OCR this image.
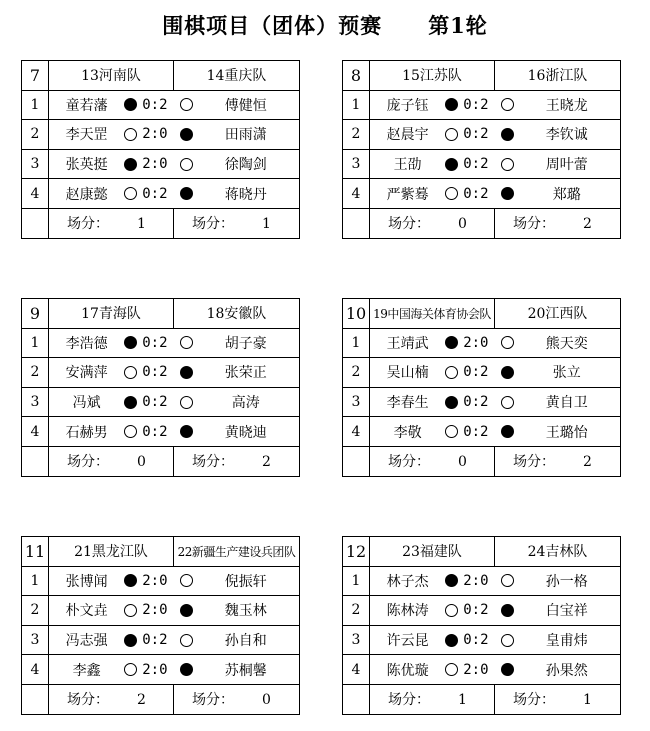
围棋项目（团体）预赛 第1轮
7	13河南队	14重庆队
1	童若藩 0:2	傅健恒

2	李天罡 2:0	田雨潇

3	张英挺 2:0	徐陶剑

4	赵康懿 0:2	蒋晓丹

	场分： 1	场分： 1
8	15江苏队	16浙江队
1	庞子钰 0:2	王晓龙

2	赵晨宇 0:2	李钦诚

3	王劭 0:2	周叶蕾

4	严紫蓦 0:2	郑璐

	场分： 0	场分： 2
9	17青海队	18安徽队
1	李浩德 0:2	胡子豪

2	安满萍 0:2	张荣正

3	冯斌 0:2	高涛

4	石赫男 0:2	黄晓迪

	场分： 0	场分： 2
10	19中国海关体育协会队	20江西队
1	王靖武 2:0	熊天奕

2	吴山楠 0:2	张立

3	李春生 0:2	黄自卫

4	李敬 0:2	王璐怡

	场分： 0	场分： 2
11	21黑龙江队	22新疆生产建设兵团队
1	张博闻 2:0	倪振轩

2	朴文垚 2:0	魏玉林

3	冯志强 0:2	孙自和

4	李鑫 2:0	苏桐馨

	场分： 2	场分： 0
12	23福建队	24吉林队
1	林子杰 2:0	孙一格

2	陈林涛 0:2	白宝祥

3	许云昆 0:2	皇甫炜

4	陈优璇 2:0	孙果然

	场分： 1	场分： 1
